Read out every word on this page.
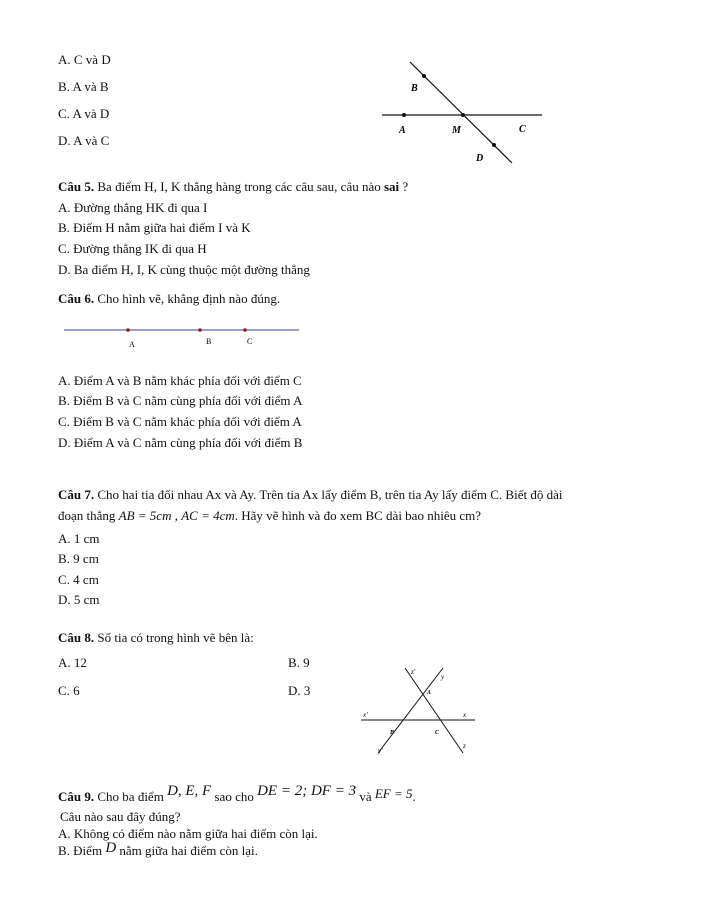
A. C và D
B. A và B
C. A và D
D. A và C
B
A	M	C
D
Câu 5. Ba điểm H, I, K thẳng hàng trong các câu sau, câu nào sai ?
A. Đường thẳng HK đi qua I
B. Điểm H nằm giữa hai điểm I và K
C. Đường thẳng IK đi qua H
D. Ba điểm H, I, K cùng thuộc một đường thẳng
Câu 6. Cho hình vẽ, khẳng định nào đúng.
A	B	C
A. Điểm A và B nằm khác phía đối với điểm C
B. Điểm B và C nằm cùng phía đối với điểm A
C. Điểm B và C nằm khác phía đối với điểm A
D. Điểm A và C nằm cùng phía đối với điểm B
Câu 7. Cho hai tia đối nhau Ax và Ay. Trên tia Ax lấy điểm B, trên tia Ay lấy điểm C. Biết độ dài
đoạn thẳng AB = 5cm , AC = 4cm. Hãy vẽ hình và đo xem BC dài bao nhiêu cm?
A. 1 cm
B. 9 cm
C. 4 cm
D. 5 cm
Câu 8. Số tia có trong hình vẽ bên là:
A. 12	B. 9
C. 6	D. 3
z'
y
A
x'	x
B	C
y'
z
Câu 9. Cho ba điểm D, E, F sao cho DE = 2; DF = 3 và EF = 5.
Câu nào sau đây đúng?
A. Không có điểm nào nằm giữa hai điểm còn lại.
B. Điểm D nằm giữa hai điểm còn lại.
